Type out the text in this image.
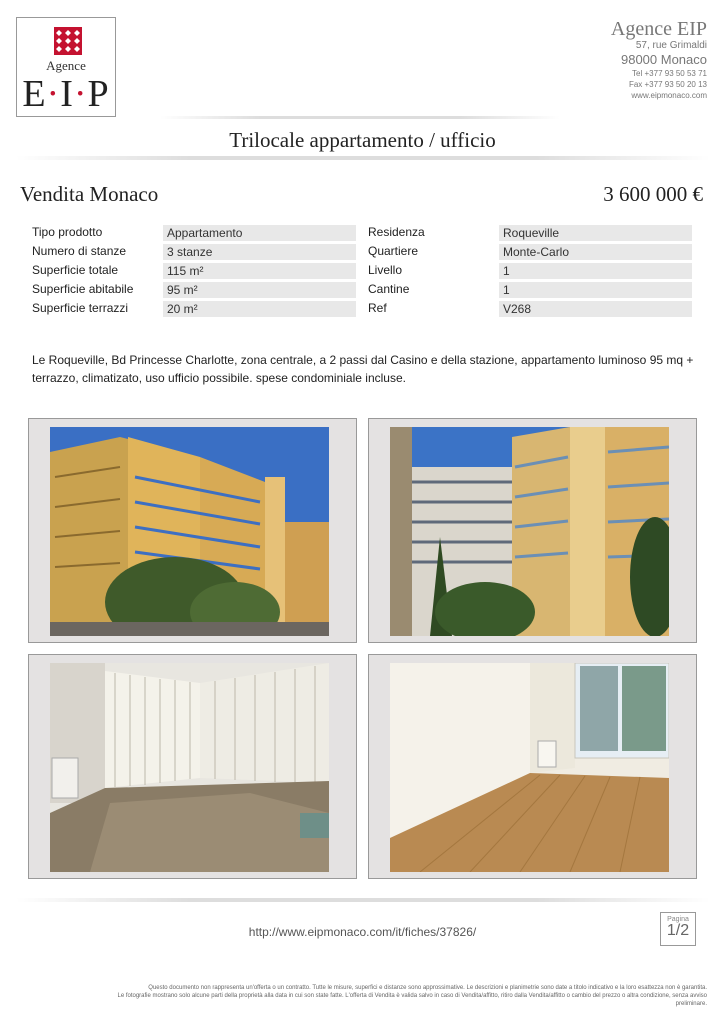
Agence
E·I·P
Agence EIP
57, rue Grimaldi
98000 Monaco
Tel +377 93 50 53 71
Fax +377 93 50 20 13
www.eipmonaco.com
Trilocale appartamento / ufficio
Vendita Monaco	3 600 000 €
Tipo prodotto	Appartamento	Residenza	Roqueville
Numero di stanze	3 stanze	Quartiere	Monte-Carlo
Superficie totale	115 m²	Livello	1
Superficie abitabile	95 m²	Cantine	1
Superficie terrazzi	20 m²	Ref	V268
Le Roqueville, Bd Princesse Charlotte, zona centrale, a 2 passi dal Casino e della stazione, appartamento luminoso 95 mq + terrazzo, climatizato, uso ufficio possibile. spese condominiale incluse.
http://www.eipmonaco.com/it/fiches/37826/
Pagina
1/2
Questo documento non rappresenta un'offerta o un contratto. Tutte le misure, superfici e distanze sono approssimative. Le descrizioni e planimetrie sono date a titolo indicativo e la loro esattezza non è garantita.
Le fotografie mostrano solo alcune parti della proprietà alla data in cui son state fatte. L'offerta di Vendita è valida salvo in caso di Vendita/affitto, ritiro dalla Vendita/affitto o cambio del prezzo o altra condizione, senza avviso preliminare.
